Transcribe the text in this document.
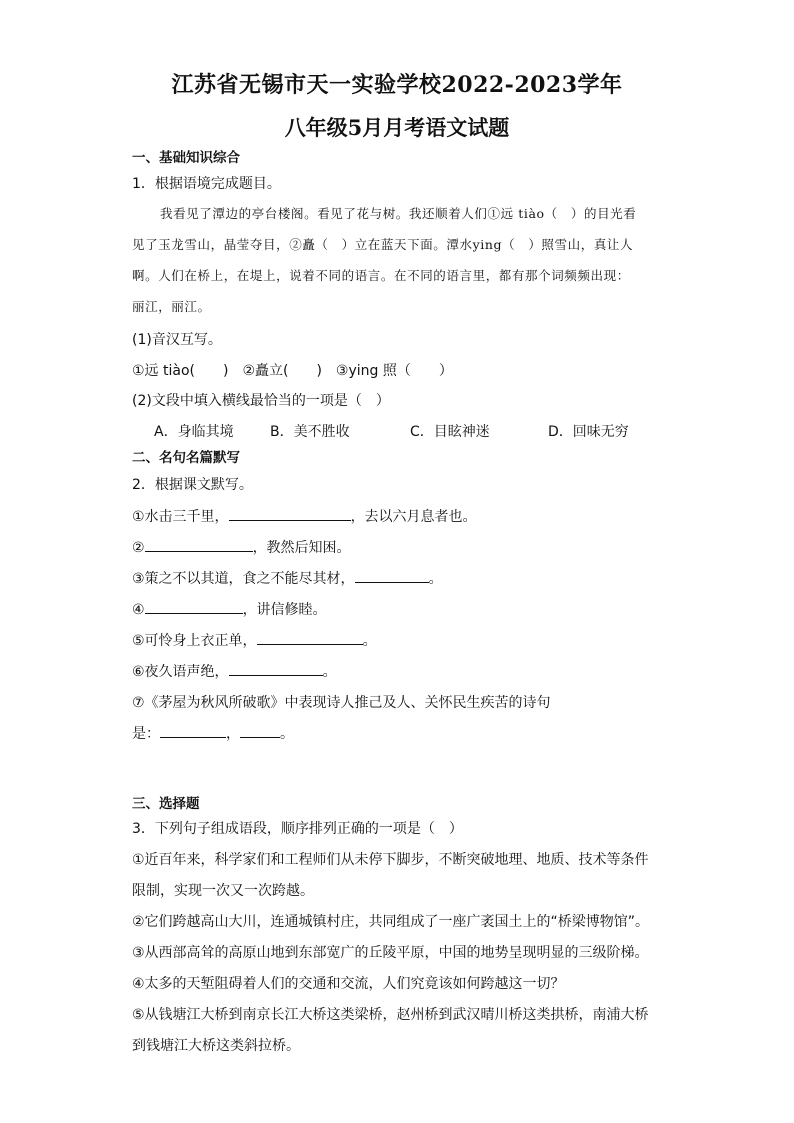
江苏省无锡市天一实验学校2022-2023学年
八年级5月月考语文试题
一、基础知识综合
1．根据语境完成题目。
我看见了潭边的亭台楼阁。看见了花与树。我还顺着人们①远 tiào（　）的目光看
见了玉龙雪山，晶莹夺目，②矗（　）立在蓝天下面。潭水ying（　）照雪山，真让人
啊。人们在桥上，在堤上，说着不同的语言。在不同的语言里，都有那个词频频出现：
丽江，丽江。
(1)音汉互写。
①远 tiào(　　)　②矗立(　　)　③ying 照（　　）
(2)文段中填入横线最恰当的一项是（　）
A．身临其境	B．美不胜收	C．目眩神迷	D．回味无穷
二、名句名篇默写
2．根据课文默写。
①水击三千里，	，去以六月息者也。
②	，教然后知困。
③策之不以其道，食之不能尽其材，	。
④	，讲信修睦。
⑤可怜身上衣正单，	。
⑥夜久语声绝，	。
⑦《茅屋为秋风所破歌》中表现诗人推己及人、关怀民生疾苦的诗句
是：	，	。
三、选择题
3．下列句子组成语段，顺序排列正确的一项是（　）
①近百年来，科学家们和工程师们从未停下脚步，不断突破地理、地质、技术等条件
限制，实现一次又一次跨越。
②它们跨越高山大川，连通城镇村庄，共同组成了一座广袤国土上的“桥梁博物馆”。
③从西部高耸的高原山地到东部宽广的丘陵平原，中国的地势呈现明显的三级阶梯。
④太多的天堑阻碍着人们的交通和交流，人们究竟该如何跨越这一切？
⑤从钱塘江大桥到南京长江大桥这类梁桥，赵州桥到武汉晴川桥这类拱桥，南浦大桥
到钱塘江大桥这类斜拉桥。
